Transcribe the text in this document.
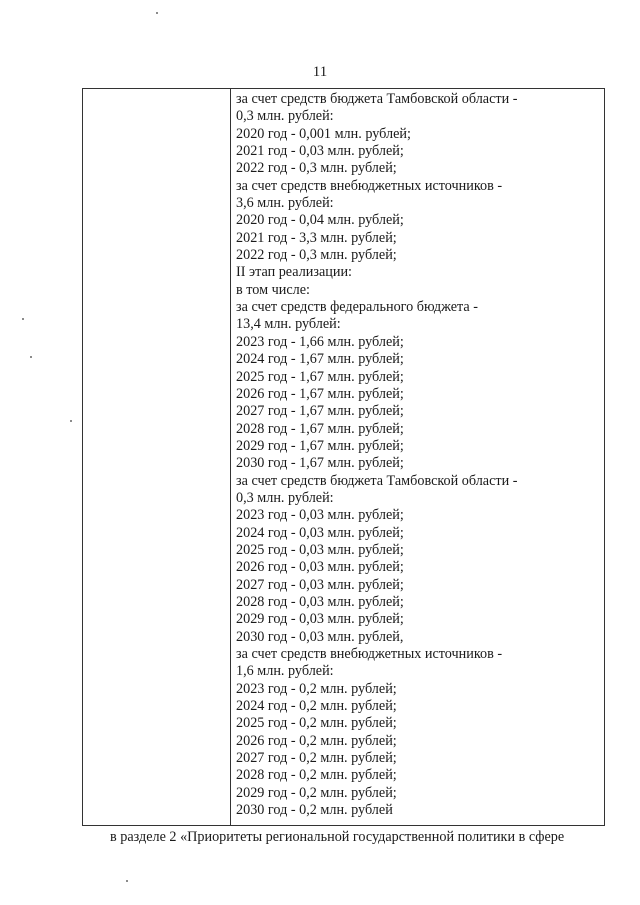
11
за счет средств бюджета Тамбовской области -
0,3 млн. рублей:
2020 год - 0,001 млн. рублей;
2021 год - 0,03 млн. рублей;
2022 год - 0,3 млн. рублей;
за счет средств внебюджетных источников -
3,6 млн. рублей:
2020 год - 0,04 млн. рублей;
2021 год - 3,3 млн. рублей;
2022 год - 0,3 млн. рублей;
II этап реализации:
в том числе:
за счет средств федерального бюджета -
13,4 млн. рублей:
2023 год - 1,66 млн. рублей;
2024 год - 1,67 млн. рублей;
2025 год - 1,67 млн. рублей;
2026 год - 1,67 млн. рублей;
2027 год - 1,67 млн. рублей;
2028 год - 1,67 млн. рублей;
2029 год - 1,67 млн. рублей;
2030 год - 1,67 млн. рублей;
за счет средств бюджета Тамбовской области -
0,3 млн. рублей:
2023 год - 0,03 млн. рублей;
2024 год - 0,03 млн. рублей;
2025 год - 0,03 млн. рублей;
2026 год - 0,03 млн. рублей;
2027 год - 0,03 млн. рублей;
2028 год - 0,03 млн. рублей;
2029 год - 0,03 млн. рублей;
2030 год - 0,03 млн. рублей,
за счет средств внебюджетных источников -
1,6 млн. рублей:
2023 год - 0,2 млн. рублей;
2024 год - 0,2 млн. рублей;
2025 год - 0,2 млн. рублей;
2026 год - 0,2 млн. рублей;
2027 год - 0,2 млн. рублей;
2028 год - 0,2 млн. рублей;
2029 год - 0,2 млн. рублей;
2030 год - 0,2 млн. рублей
в разделе 2 «Приоритеты региональной государственной политики в сфере
